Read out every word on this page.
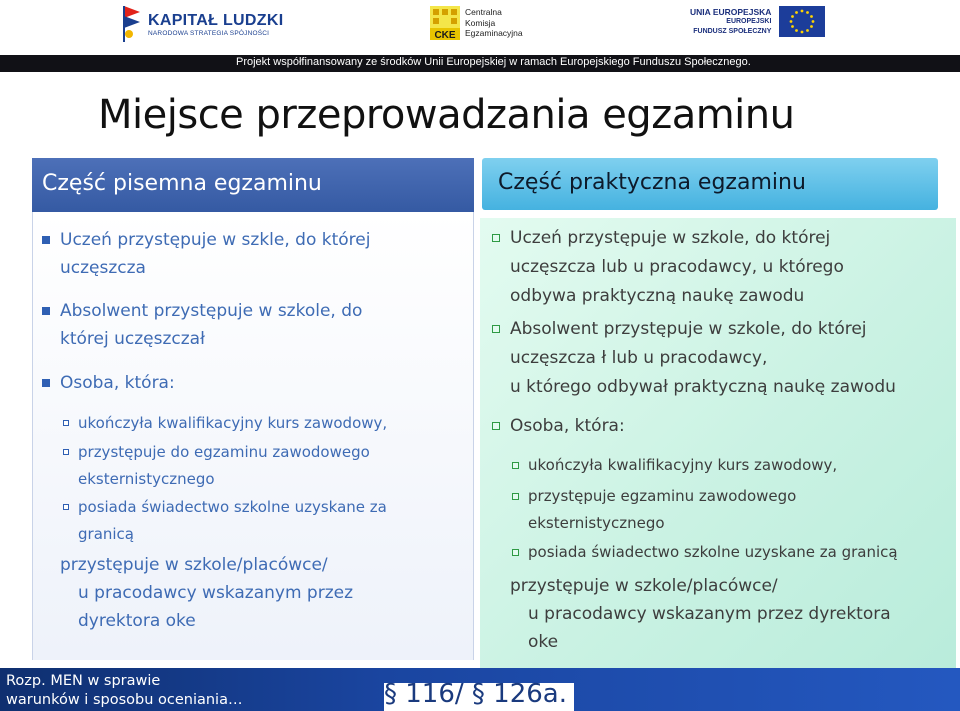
KAPITAŁ LUDZKI
NARODOWA STRATEGIA SPÓJNOŚCI	CKE
Centralna
Komisja
Egzaminacyjna
UNIA EUROPEJSKA
EUROPEJSKI
FUNDUSZ SPOŁECZNY
Projekt współfinansowany ze środków Unii Europejskiej w ramach Europejskiego Funduszu Społecznego.
Miejsce przeprowadzania egzaminu
Część pisemna egzaminu
Uczeń przystępuje w szkle, do której
uczęszcza
Absolwent przystępuje w szkole, do
której uczęszczał
Osoba, która:
ukończyła kwalifikacyjny kurs zawodowy,
przystępuje do egzaminu zawodowego
eksternistycznego
posiada świadectwo szkolne uzyskane za
granicą
przystępuje w szkole/placówce/
u pracodawcy wskazanym przez
dyrektora oke
Część praktyczna egzaminu
Uczeń przystępuje w szkole, do której
uczęszcza lub u pracodawcy, u którego
odbywa praktyczną naukę zawodu
Absolwent przystępuje w szkole, do której
uczęszcza ł lub u pracodawcy,
u którego odbywał praktyczną naukę zawodu
Osoba, która:
ukończyła kwalifikacyjny kurs zawodowy,
przystępuje egzaminu zawodowego
eksternistycznego
posiada świadectwo szkolne uzyskane za granicą
przystępuje w szkole/placówce/
u pracodawcy wskazanym przez dyrektora
oke
Rozp. MEN w sprawie
warunków i sposobu oceniania…	§ 116/ § 126a.
